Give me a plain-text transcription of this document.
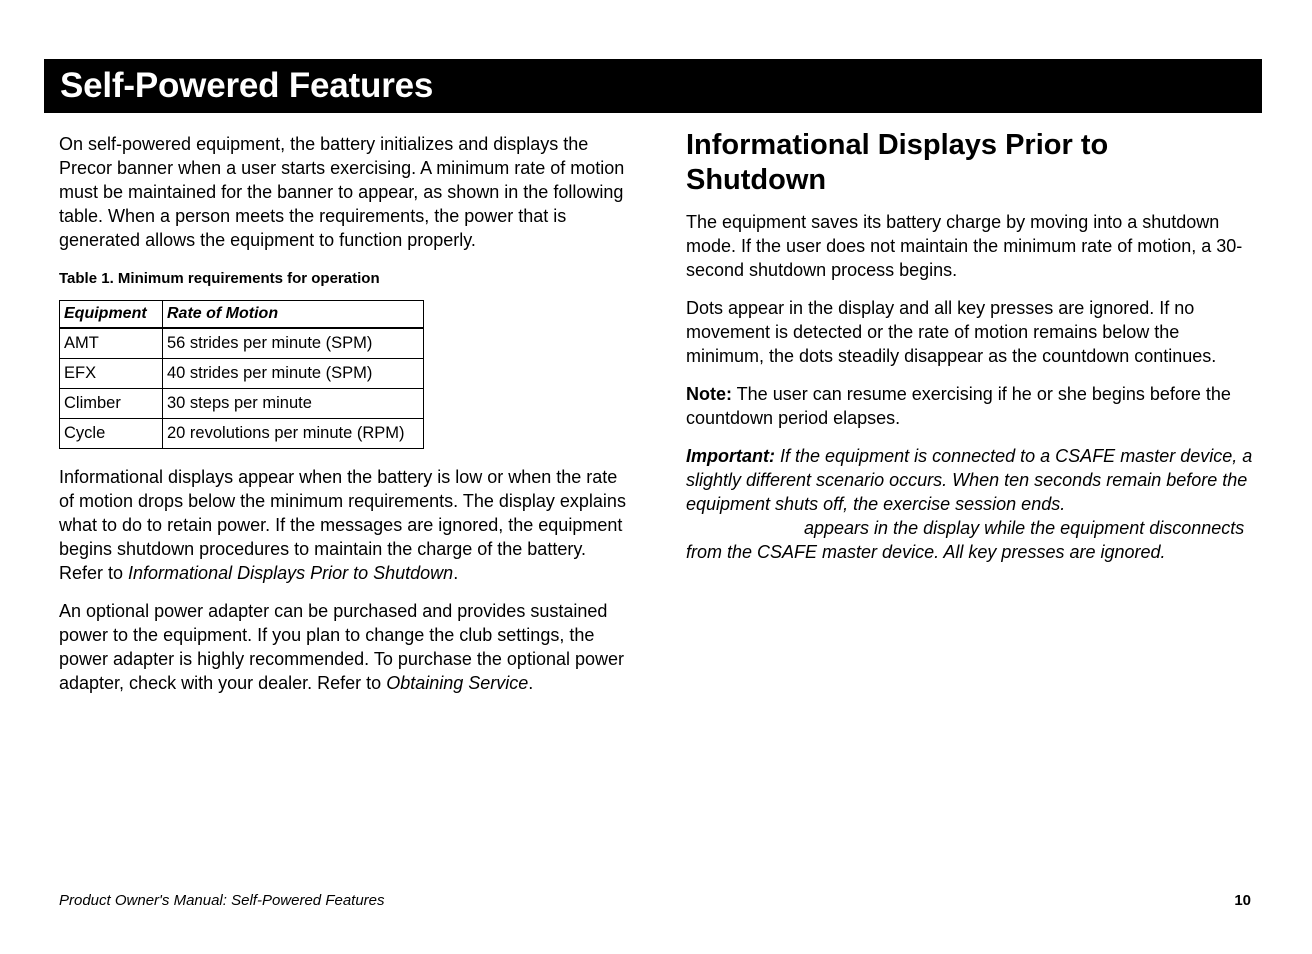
Self-Powered Features

On self-powered equipment, the battery initializes and displays the Precor banner when a user starts exercising. A minimum rate of motion must be maintained for the banner to appear, as shown in the following table. When a person meets the requirements, the power that is generated allows the equipment to function properly.

Table 1. Minimum requirements for operation
Equipment	Rate of Motion
AMT	56 strides per minute (SPM)
EFX	40 strides per minute (SPM)
Climber	30 steps per minute
Cycle	20 revolutions per minute (RPM)

Informational displays appear when the battery is low or when the rate of motion drops below the minimum requirements. The display explains what to do to retain power. If the messages are ignored, the equipment begins shutdown procedures to maintain the charge of the battery. Refer to Informational Displays Prior to Shutdown.

An optional power adapter can be purchased and provides sustained power to the equipment. If you plan to change the club settings, the power adapter is highly recommended. To purchase the optional power adapter, check with your dealer. Refer to Obtaining Service.

Informational Displays Prior to Shutdown

The equipment saves its battery charge by moving into a shutdown mode. If the user does not maintain the minimum rate of motion, a 30-second shutdown process begins.

Dots appear in the display and all key presses are ignored. If no movement is detected or the rate of motion remains below the minimum, the dots steadily disappear as the countdown continues.

Note: The user can resume exercising if he or she begins before the countdown period elapses.

Important: If the equipment is connected to a CSAFE master device, a slightly different scenario occurs. When ten seconds remain before the equipment shuts off, the exercise session ends.
appears in the display while the equipment disconnects from the CSAFE master device. All key presses are ignored.

Product Owner's Manual: Self-Powered Features	10
